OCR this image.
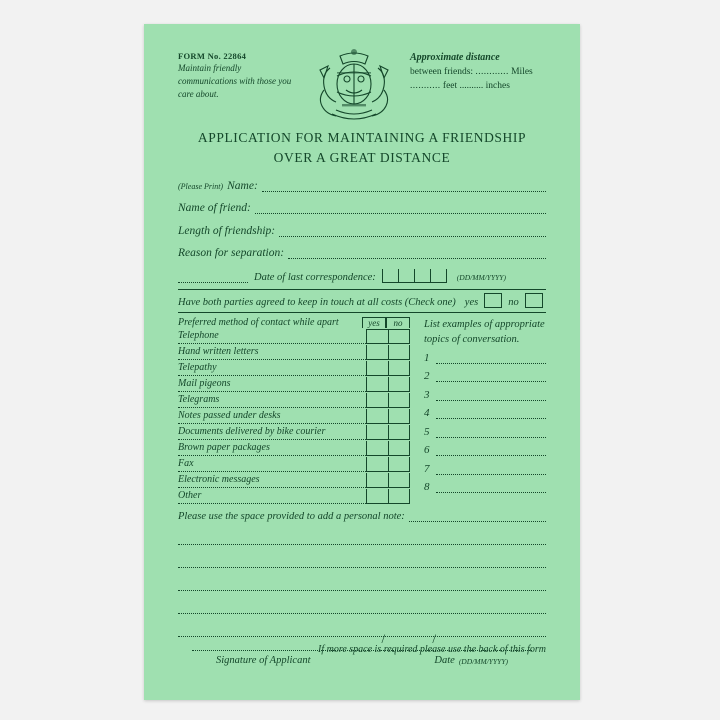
FORM No. 22864
Maintain friendly communications with those you care about.
Approximate distance
between friends: ............ Miles
........... feet .......... inches
APPLICATION FOR MAINTAINING A FRIENDSHIP
OVER A GREAT DISTANCE
(Please Print) Name:
Name of friend:
Length of friendship:
Reason for separation:
Date of last correspondence:	(DD/MM/YYYY)
Have both parties agreed to keep in touch at all costs (Check one) yes	no
Preferred method of contact while apart	yes	no
Telephone
Hand written letters
Telepathy
Mail pigeons
Telegrams
Notes passed under desks
Documents delivered by bike courier
Brown paper packages
Fax
Electronic messages
Other
List examples of appropriate topics of conversation.
1
2
3
4
5
6
7
8
Please use the space provided to add a personal note:
If more space is required please use the back of this form
/ /
Signature of Applicant	Date (DD/MM/YYYY)
